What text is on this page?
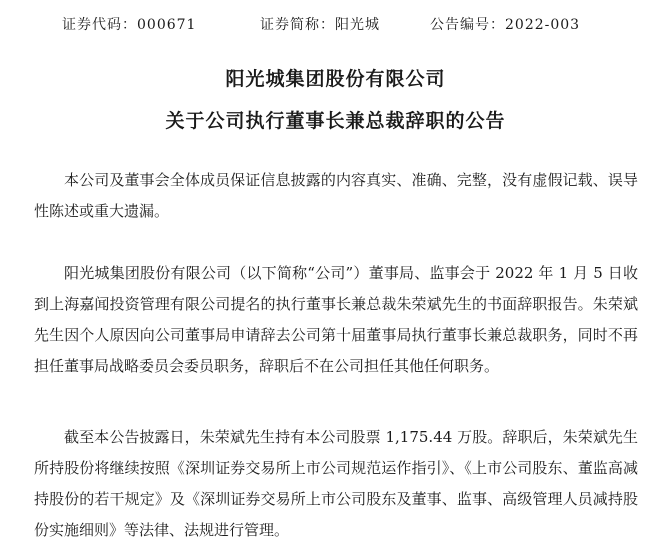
证券代码：000671	证券简称：阳光城	公告编号：2022-003
阳光城集团股份有限公司
关于公司执行董事长兼总裁辞职的公告

本公司及董事会全体成员保证信息披露的内容真实、准确、完整，没有虚假记载、误导性陈述或重大遗漏。

阳光城集团股份有限公司（以下简称“公司”）董事局、监事会于 2022 年 1 月 5 日收到上海嘉闻投资管理有限公司提名的执行董事长兼总裁朱荣斌先生的书面辞职报告。朱荣斌先生因个人原因向公司董事局申请辞去公司第十届董事局执行董事长兼总裁职务，同时不再担任董事局战略委员会委员职务，辞职后不在公司担任其他任何职务。

截至本公告披露日，朱荣斌先生持有本公司股票 1,175.44 万股。辞职后，朱荣斌先生所持股份将继续按照《深圳证券交易所上市公司规范运作指引》、《上市公司股东、董监高减持股份的若干规定》及《深圳证券交易所上市公司股东及董事、监事、高级管理人员减持股份实施细则》等法律、法规进行管理。
